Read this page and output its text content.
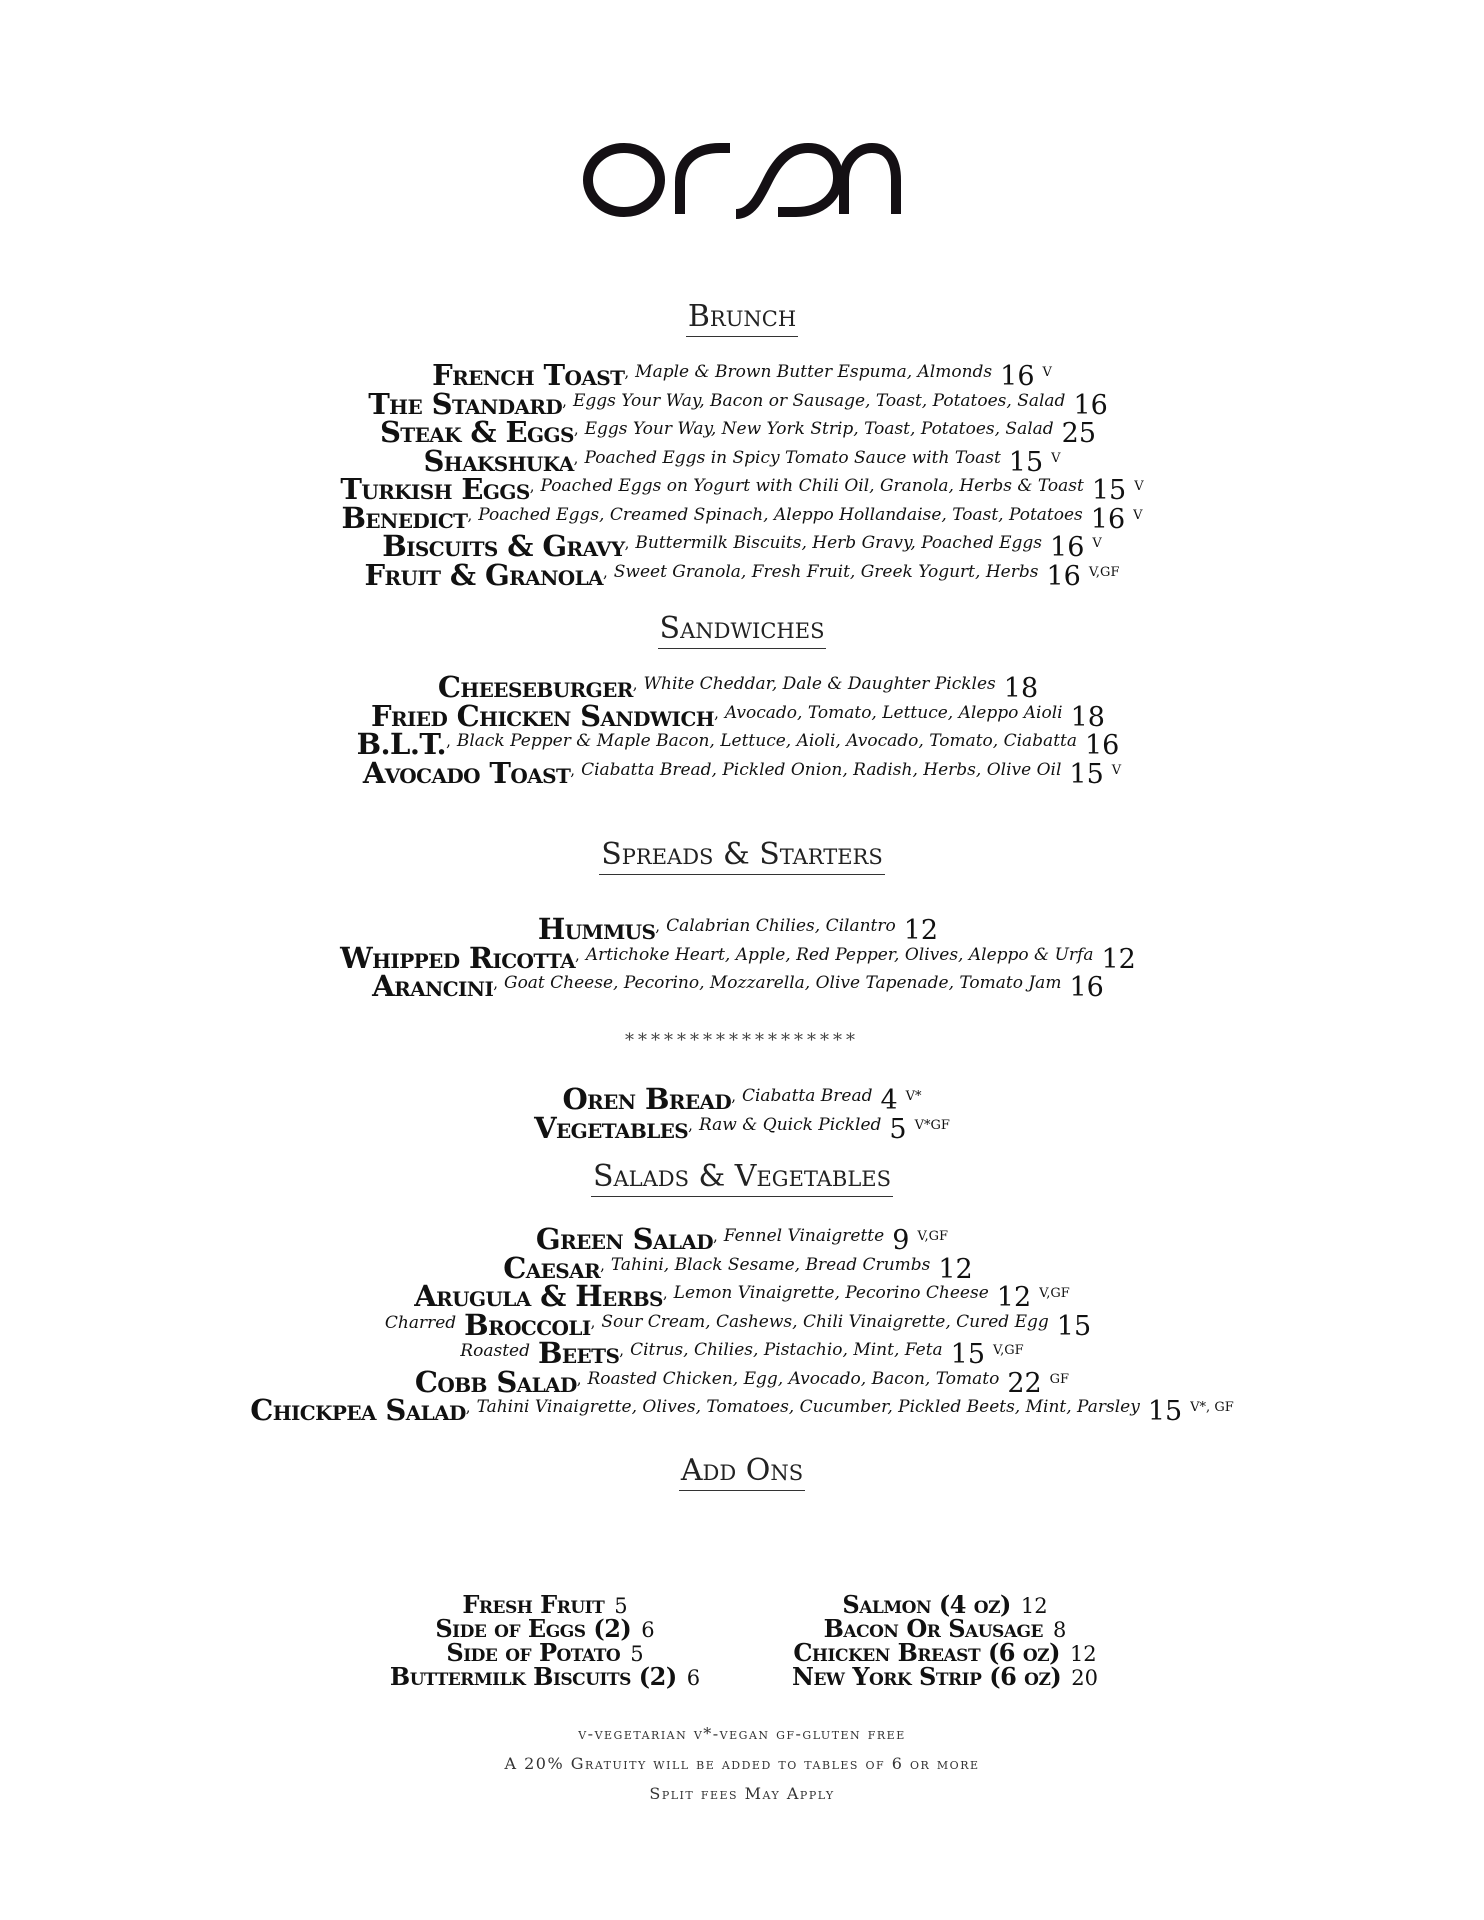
Brunch
French Toast , Maple & Brown Butter Espuma, Almonds 16 V
The Standard , Eggs Your Way, Bacon or Sausage, Toast, Potatoes, Salad 16
Steak & Eggs , Eggs Your Way, New York Strip, Toast, Potatoes, Salad 25
Shakshuka , Poached Eggs in Spicy Tomato Sauce with Toast 15 V
Turkish Eggs , Poached Eggs on Yogurt with Chili Oil, Granola, Herbs & Toast 15 V
Benedict , Poached Eggs, Creamed Spinach, Aleppo Hollandaise, Toast, Potatoes 16 V
Biscuits & Gravy , Buttermilk Biscuits, Herb Gravy, Poached Eggs 16 V
Fruit & Granola , Sweet Granola, Fresh Fruit, Greek Yogurt, Herbs 16 V,GF
Sandwiches
Cheeseburger , White Cheddar, Dale & Daughter Pickles 18
Fried Chicken Sandwich , Avocado, Tomato, Lettuce, Aleppo Aioli 18
B.L.T. , Black Pepper & Maple Bacon, Lettuce, Aioli, Avocado, Tomato, Ciabatta 16
Avocado Toast , Ciabatta Bread, Pickled Onion, Radish, Herbs, Olive Oil 15 V
Spreads & Starters
Hummus , Calabrian Chilies, Cilantro 12
Whipped Ricotta , Artichoke Heart, Apple, Red Pepper, Olives, Aleppo & Urfa 12
Arancini , Goat Cheese, Pecorino, Mozzarella, Olive Tapenade, Tomato Jam 16
******************
Oren Bread , Ciabatta Bread 4 V*
Vegetables , Raw & Quick Pickled 5 V*GF
Salads & Vegetables
Green Salad , Fennel Vinaigrette 9 V,GF
Caesar , Tahini, Black Sesame, Bread Crumbs 12
Arugula & Herbs , Lemon Vinaigrette, Pecorino Cheese 12 V,GF
Charred Broccoli , Sour Cream, Cashews, Chili Vinaigrette, Cured Egg 15
Roasted Beets , Citrus, Chilies, Pistachio, Mint, Feta 15 V,GF
Cobb Salad , Roasted Chicken, Egg, Avocado, Bacon, Tomato 22 GF
Chickpea Salad , Tahini Vinaigrette, Olives, Tomatoes, Cucumber, Pickled Beets, Mint, Parsley 15 V*, GF
Add Ons
Fresh Fruit 5
Side of Eggs (2) 6
Side of Potato 5
Buttermilk Biscuits (2) 6
Salmon (4 oz) 12
Bacon Or Sausage 8
Chicken Breast (6 oz) 12
New York Strip (6 oz) 20
v-vegetarian v*-vegan gf-gluten free
A 20% Gratuity will be added to tables of 6 or more
Split fees May Apply
